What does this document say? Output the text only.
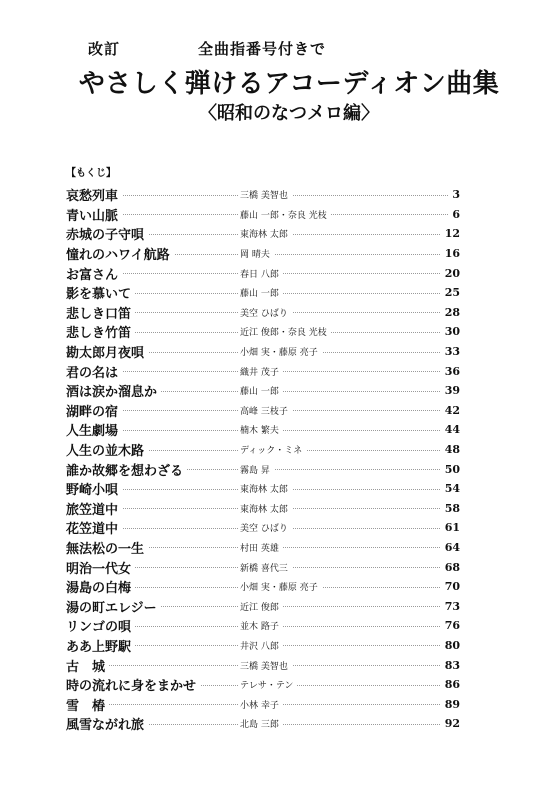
改訂	全曲指番号付きで
やさしく弾けるアコーディオン曲集
〈昭和のなつメロ編〉
【もくじ】
哀愁列車	三橋 美智也	3
青い山脈	藤山 一郎・奈良 光枝	6
赤城の子守唄	東海林 太郎	12
憧れのハワイ航路	岡 晴夫	16
お富さん	春日 八郎	20
影を慕いて	藤山 一郎	25
悲しき口笛	美空 ひばり	28
悲しき竹笛	近江 俊郎・奈良 光枝	30
勘太郎月夜唄	小畑 実・藤原 亮子	33
君の名は	織井 茂子	36
酒は涙か溜息か	藤山 一郎	39
湖畔の宿	高峰 三枝子	42
人生劇場	楠木 繁夫	44
人生の並木路	ディック・ミネ	48
誰か故郷を想わざる	霧島 昇	50
野崎小唄	東海林 太郎	54
旅笠道中	東海林 太郎	58
花笠道中	美空 ひばり	61
無法松の一生	村田 英雄	64
明治一代女	新橋 喜代三	68
湯島の白梅	小畑 実・藤原 亮子	70
湯の町エレジー	近江 俊郎	73
リンゴの唄	並木 路子	76
ああ上野駅	井沢 八郎	80
古　城	三橋 美智也	83
時の流れに身をまかせ	テレサ・テン	86
雪　椿	小林 幸子	89
風雪ながれ旅	北島 三郎	92
